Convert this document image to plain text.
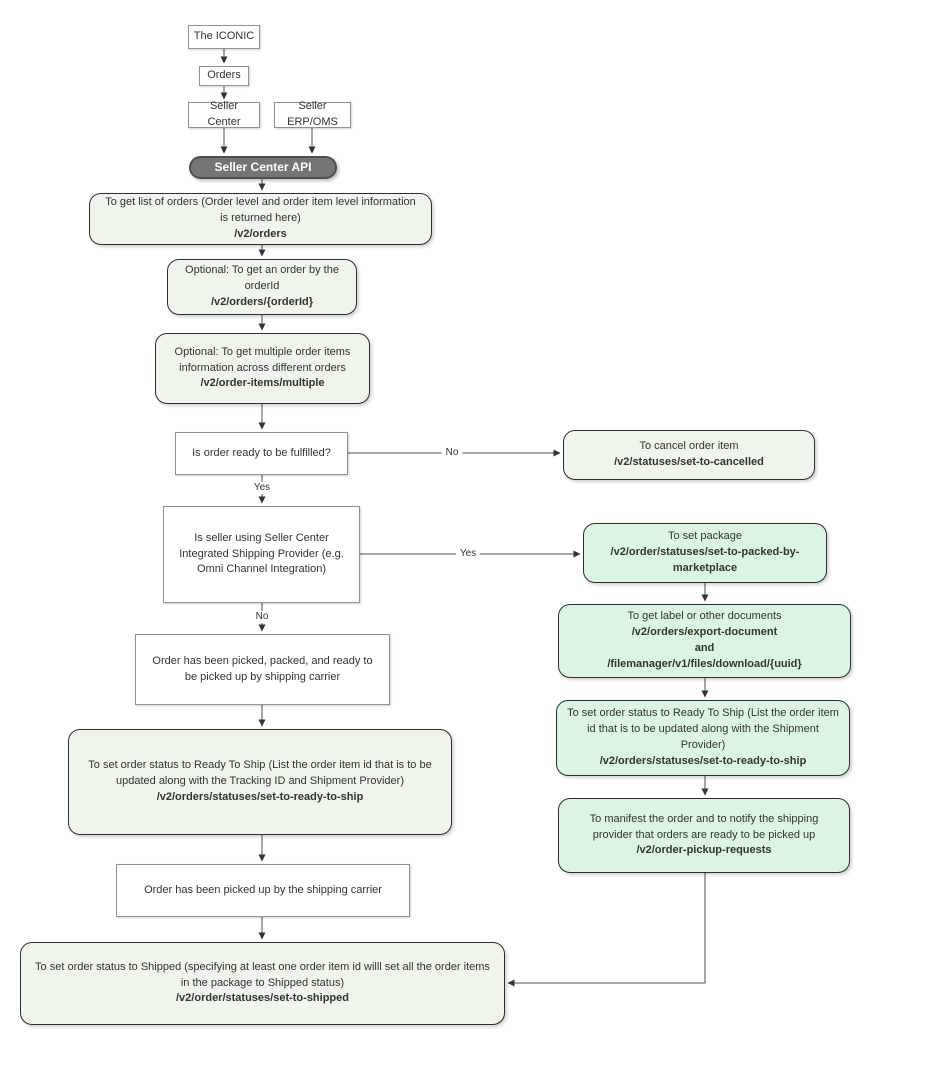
The ICONIC
Orders
Seller Center
Seller ERP/OMS
Seller Center API
To get list of orders (Order level and order item level information is returned here)
/v2/orders
Optional: To get an order by the orderId
/v2/orders/{orderId}
Optional: To get multiple order items information across different orders
/v2/order-items/multiple
Is order ready to be fulfilled?
To cancel order item
/v2/statuses/set-to-cancelled
Is seller using Seller Center Integrated Shipping Provider (e.g. Omni Channel Integration)
To set package
/v2/order/statuses/set-to-packed-by-marketplace
To get label or other documents
/v2/orders/export-document
and
/filemanager/v1/files/download/{uuid}
To set order status to Ready To Ship (List the order item id that is to be updated along with the Shipment Provider)
/v2/orders/statuses/set-to-ready-to-ship
To manifest the order and to notify the shipping provider that orders are ready to be picked up
/v2/order-pickup-requests
Order has been picked, packed, and ready to be picked up by shipping carrier
To set order status to Ready To Ship (List the order item id that is to be updated along with the Tracking ID and Shipment Provider)
/v2/orders/statuses/set-to-ready-to-ship
Order has been picked up by the shipping carrier
To set order status to Shipped (specifying at least one order item id willl set all the order items in the package to Shipped status)
/v2/order/statuses/set-to-shipped
No
Yes
Yes
No
